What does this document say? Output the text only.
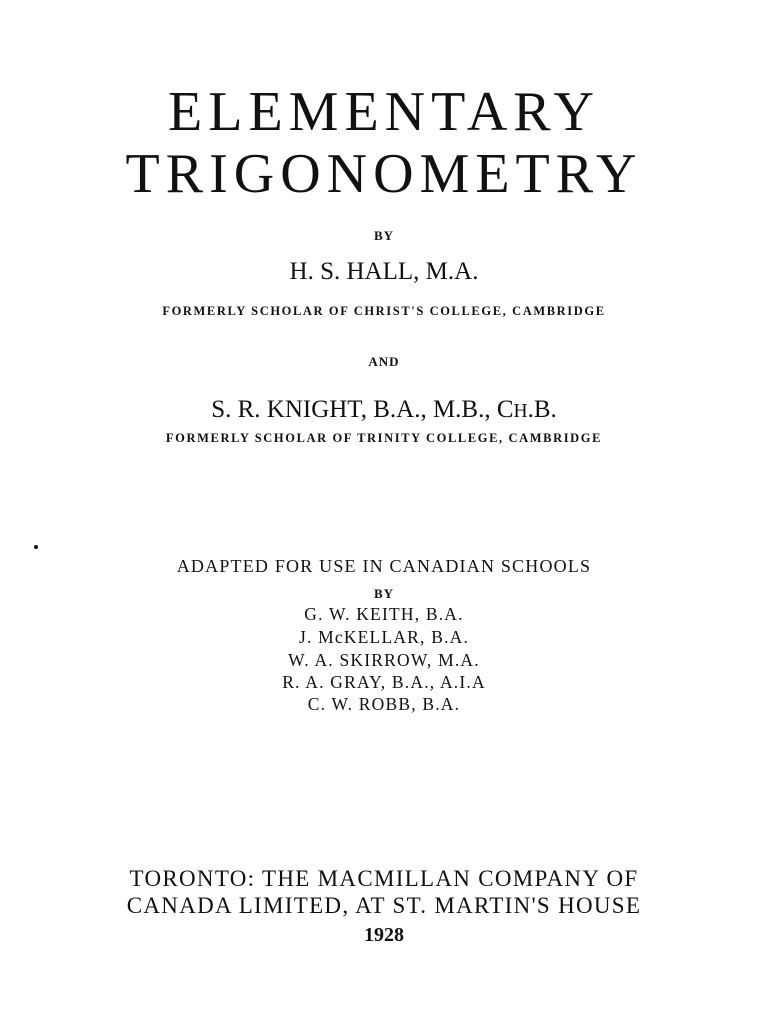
ELEMENTARY
TRIGONOMETRY
BY
H. S. HALL, M.A.
FORMERLY SCHOLAR OF CHRIST'S COLLEGE, CAMBRIDGE
AND
S. R. KNIGHT, B.A., M.B., CH.B.
FORMERLY SCHOLAR OF TRINITY COLLEGE, CAMBRIDGE
ADAPTED FOR USE IN CANADIAN SCHOOLS
BY
G. W. KEITH, B.A.
J. McKELLAR, B.A.
W. A. SKIRROW, M.A.
R. A. GRAY, B.A., A.I.A
C. W. ROBB, B.A.
TORONTO: THE MACMILLAN COMPANY OF
CANADA LIMITED, AT ST. MARTIN'S HOUSE
1928
